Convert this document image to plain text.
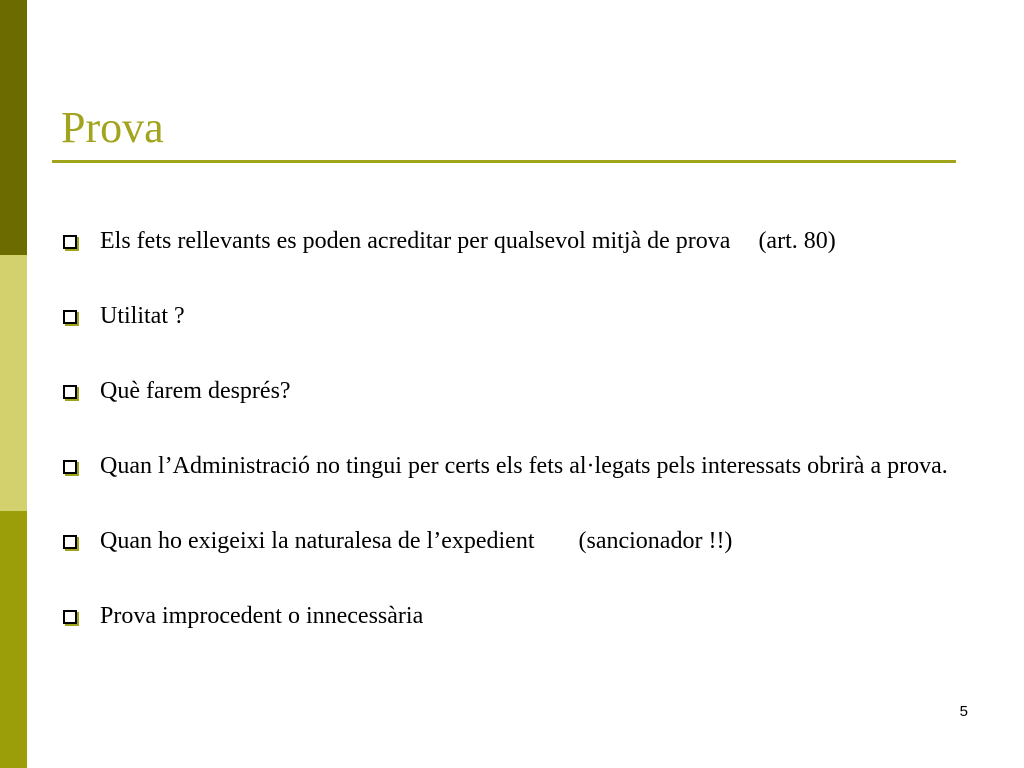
Prova
Els fets rellevants es poden acreditar per qualsevol mitjà de prova (art. 80)
Utilitat ?
Què farem després?
Quan l’Administració no tingui per certs els fets al·legats pels interessats obrirà a prova.
Quan ho exigeixi la naturalesa de l’expedient (sancionador !!)
Prova improcedent o innecessària
5
